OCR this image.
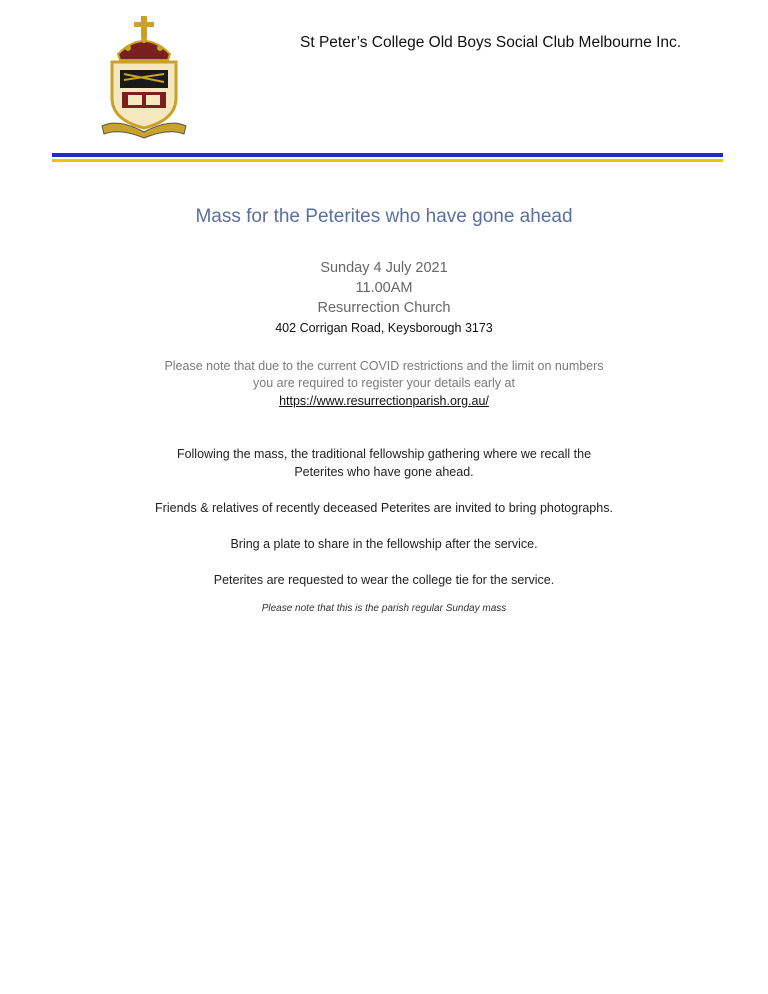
St Peter’s College Old Boys Social Club Melbourne Inc.
Mass for the Peterites who have gone ahead
Sunday 4 July 2021
11.00AM
Resurrection Church
402 Corrigan Road, Keysborough 3173
Please note that due to the current COVID restrictions and the limit on numbers
you are required to register your details early at
https://www.resurrectionparish.org.au/
Following the mass, the traditional fellowship gathering where we recall the Peterites who have gone ahead.
Friends & relatives of recently deceased Peterites are invited to bring photographs.
Bring a plate to share in the fellowship after the service.
Peterites are requested to wear the college tie for the service.
Please note that this is the parish regular Sunday mass
